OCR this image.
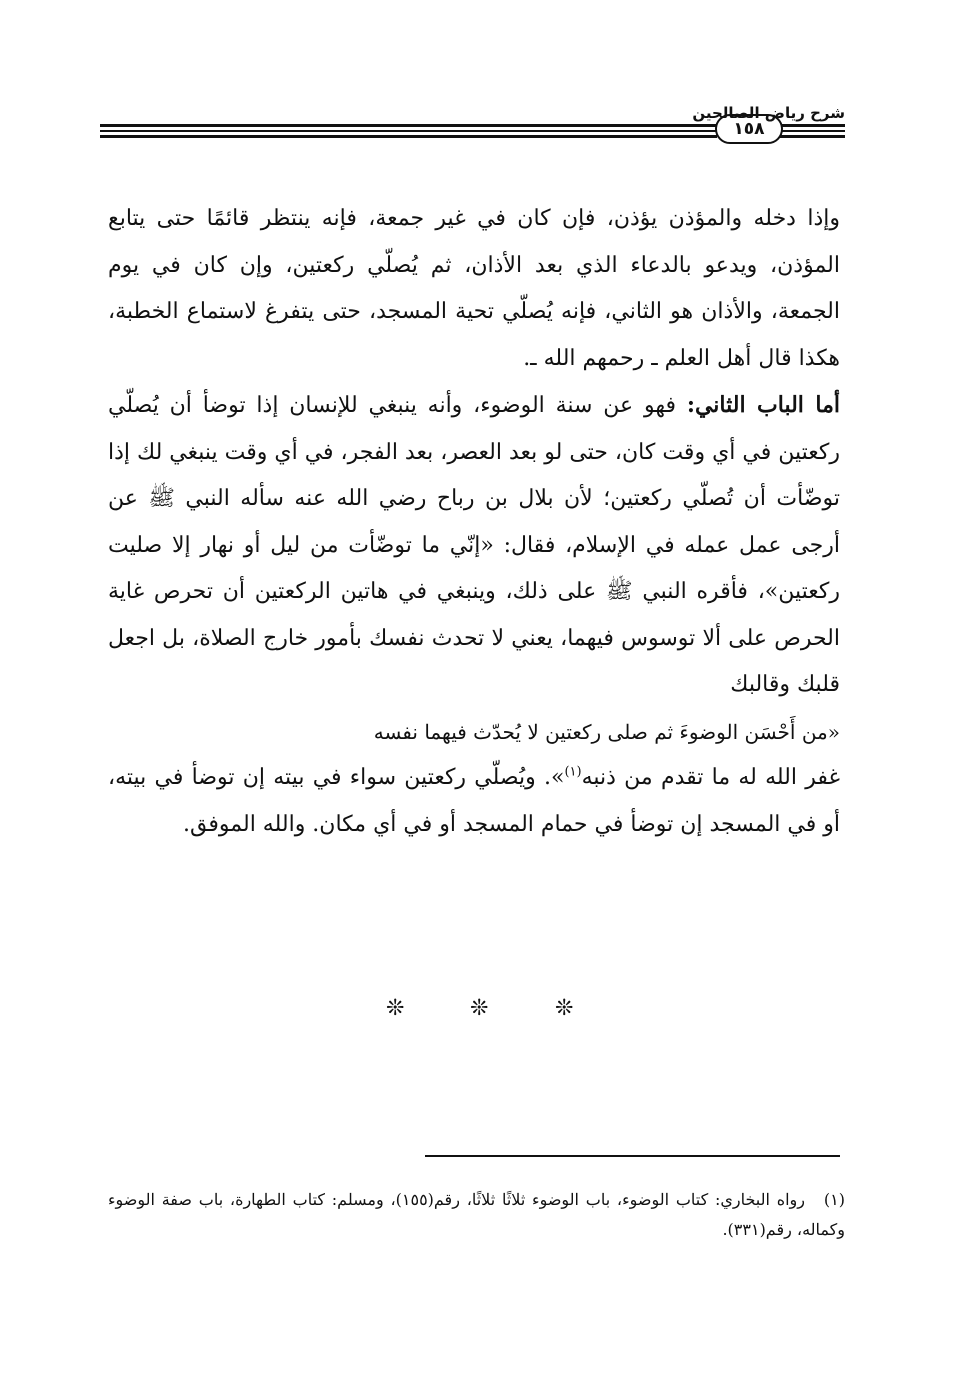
١٥٨
شرح رياض الصالحين

وإذا دخله والمؤذن يؤذن، فإن كان في غير جمعة، فإنه ينتظر قائمًا حتى يتابع المؤذن، ويدعو بالدعاء الذي بعد الأذان، ثم يُصلّي ركعتين، وإن كان في يوم الجمعة، والأذان هو الثاني، فإنه يُصلّي تحية المسجد، حتى يتفرغ لاستماع الخطبة، هكذا قال أهل العلم ـ رحمهم الله ـ.

أما الباب الثاني: فهو عن سنة الوضوء، وأنه ينبغي للإنسان إذا توضأ أن يُصلّي ركعتين في أي وقت كان، حتى لو بعد العصر، بعد الفجر، في أي وقت ينبغي لك إذا توضّأت أن تُصلّي ركعتين؛ لأن بلال بن رباح رضي الله عنه سأله النبي ﷺ عن أرجى عمل عمله في الإسلام، فقال: «إنّي ما توضّأت من ليل أو نهار إلا صليت ركعتين»، فأقره النبي ﷺ على ذلك، وينبغي في هاتين الركعتين أن تحرص غاية الحرص على ألا توسوس فيهما، يعني لا تحدث نفسك بأمور خارج الصلاة، بل اجعل قلبك وقالبك

«من أَحْسَن الوضوءَ ثم صلى ركعتين لا يُحدّث فيهما نفسه
غفر الله له ما تقدم من ذنبه$^{(١)}$». ويُصلّي ركعتين سواء في بيته إن توضأ في بيته، أو في المسجد إن توضأ في حمام المسجد أو في أي مكان. والله الموفق.

❊	❊	❊
(١)رواه البخاري: كتاب الوضوء، باب الوضوء ثلاثًا ثلاثًا، رقم(١٥٥)، ومسلم: كتاب الطهارة، باب صفة الوضوء وكماله، رقم(٣٣١).
